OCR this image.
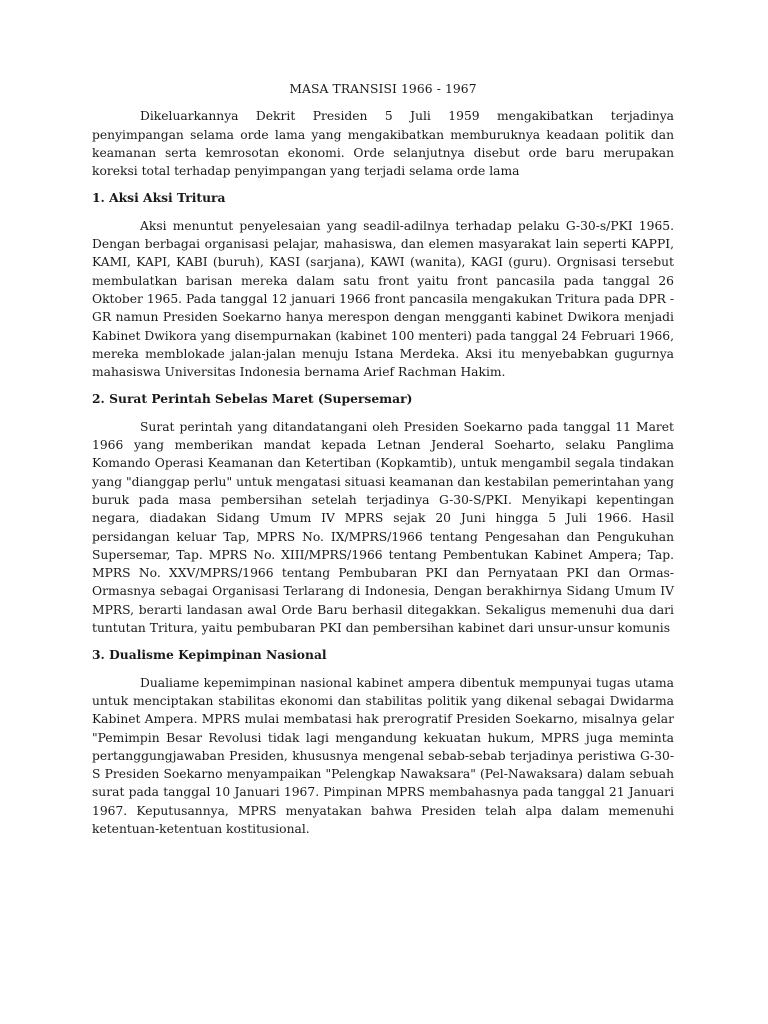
MASA TRANSISI 1966 - 1967

Dikeluarkannya Dekrit Presiden 5 Juli 1959 mengakibatkan terjadinya penyimpangan selama orde lama yang mengakibatkan memburuknya keadaan politik dan keamanan serta kemrosotan ekonomi. Orde selanjutnya disebut orde baru merupakan koreksi total terhadap penyimpangan yang terjadi selama orde lama

1. Aksi Aksi Tritura

Aksi menuntut penyelesaian yang seadil-adilnya terhadap pelaku G-30-s/PKI 1965. Dengan berbagai organisasi pelajar, mahasiswa, dan elemen masyarakat lain seperti KAPPI, KAMI, KAPI, KABI (buruh), KASI (sarjana), KAWI (wanita), KAGI (guru). Orgnisasi tersebut membulatkan barisan mereka dalam satu front yaitu front pancasila pada tanggal 26 Oktober 1965. Pada tanggal 12 januari 1966 front pancasila mengakukan Tritura pada DPR - GR namun Presiden Soekarno hanya merespon dengan mengganti kabinet Dwikora menjadi Kabinet Dwikora yang disempurnakan (kabinet 100 menteri) pada tanggal 24 Februari 1966, mereka memblokade jalan-jalan menuju Istana Merdeka. Aksi itu menyebabkan gugurnya mahasiswa Universitas Indonesia bernama Arief Rachman Hakim.

2. Surat Perintah Sebelas Maret (Supersemar)

Surat perintah yang ditandatangani oleh Presiden Soekarno pada tanggal 11 Maret 1966 yang memberikan mandat kepada Letnan Jenderal Soeharto, selaku Panglima Komando Operasi Keamanan dan Ketertiban (Kopkamtib), untuk mengambil segala tindakan yang "dianggap perlu" untuk mengatasi situasi keamanan dan kestabilan pemerintahan yang buruk pada masa pembersihan setelah terjadinya G-30-S/PKI. Menyikapi kepentingan negara, diadakan Sidang Umum IV MPRS sejak 20 Juni hingga 5 Juli 1966. Hasil persidangan keluar Tap, MPRS No. IX/MPRS/1966 tentang Pengesahan dan Pengukuhan Supersemar, Tap. MPRS No. XIII/MPRS/1966 tentang Pembentukan Kabinet Ampera; Tap. MPRS No. XXV/MPRS/1966 tentang Pembubaran PKI dan Pernyataan PKI dan Ormas-Ormasnya sebagai Organisasi Terlarang di Indonesia, Dengan berakhirnya Sidang Umum IV MPRS, berarti landasan awal Orde Baru berhasil ditegakkan. Sekaligus memenuhi dua dari tuntutan Tritura, yaitu pembubaran PKI dan pembersihan kabinet dari unsur-unsur komunis

3. Dualisme Kepimpinan Nasional

Dualiame kepemimpinan nasional kabinet ampera dibentuk mempunyai tugas utama untuk menciptakan stabilitas ekonomi dan stabilitas politik yang dikenal sebagai Dwidarma Kabinet Ampera. MPRS mulai membatasi hak prerogratif Presiden Soekarno, misalnya gelar "Pemimpin Besar Revolusi tidak lagi mengandung kekuatan hukum, MPRS juga meminta pertanggungjawaban Presiden, khususnya mengenal sebab-sebab terjadinya peristiwa G-30-S Presiden Soekarno menyampaikan "Pelengkap Nawaksara" (Pel-Nawaksara) dalam sebuah surat pada tanggal 10 Januari 1967. Pimpinan MPRS membahasnya pada tanggal 21 Januari 1967. Keputusannya, MPRS menyatakan bahwa Presiden telah alpa dalam memenuhi ketentuan-ketentuan kostitusional.
